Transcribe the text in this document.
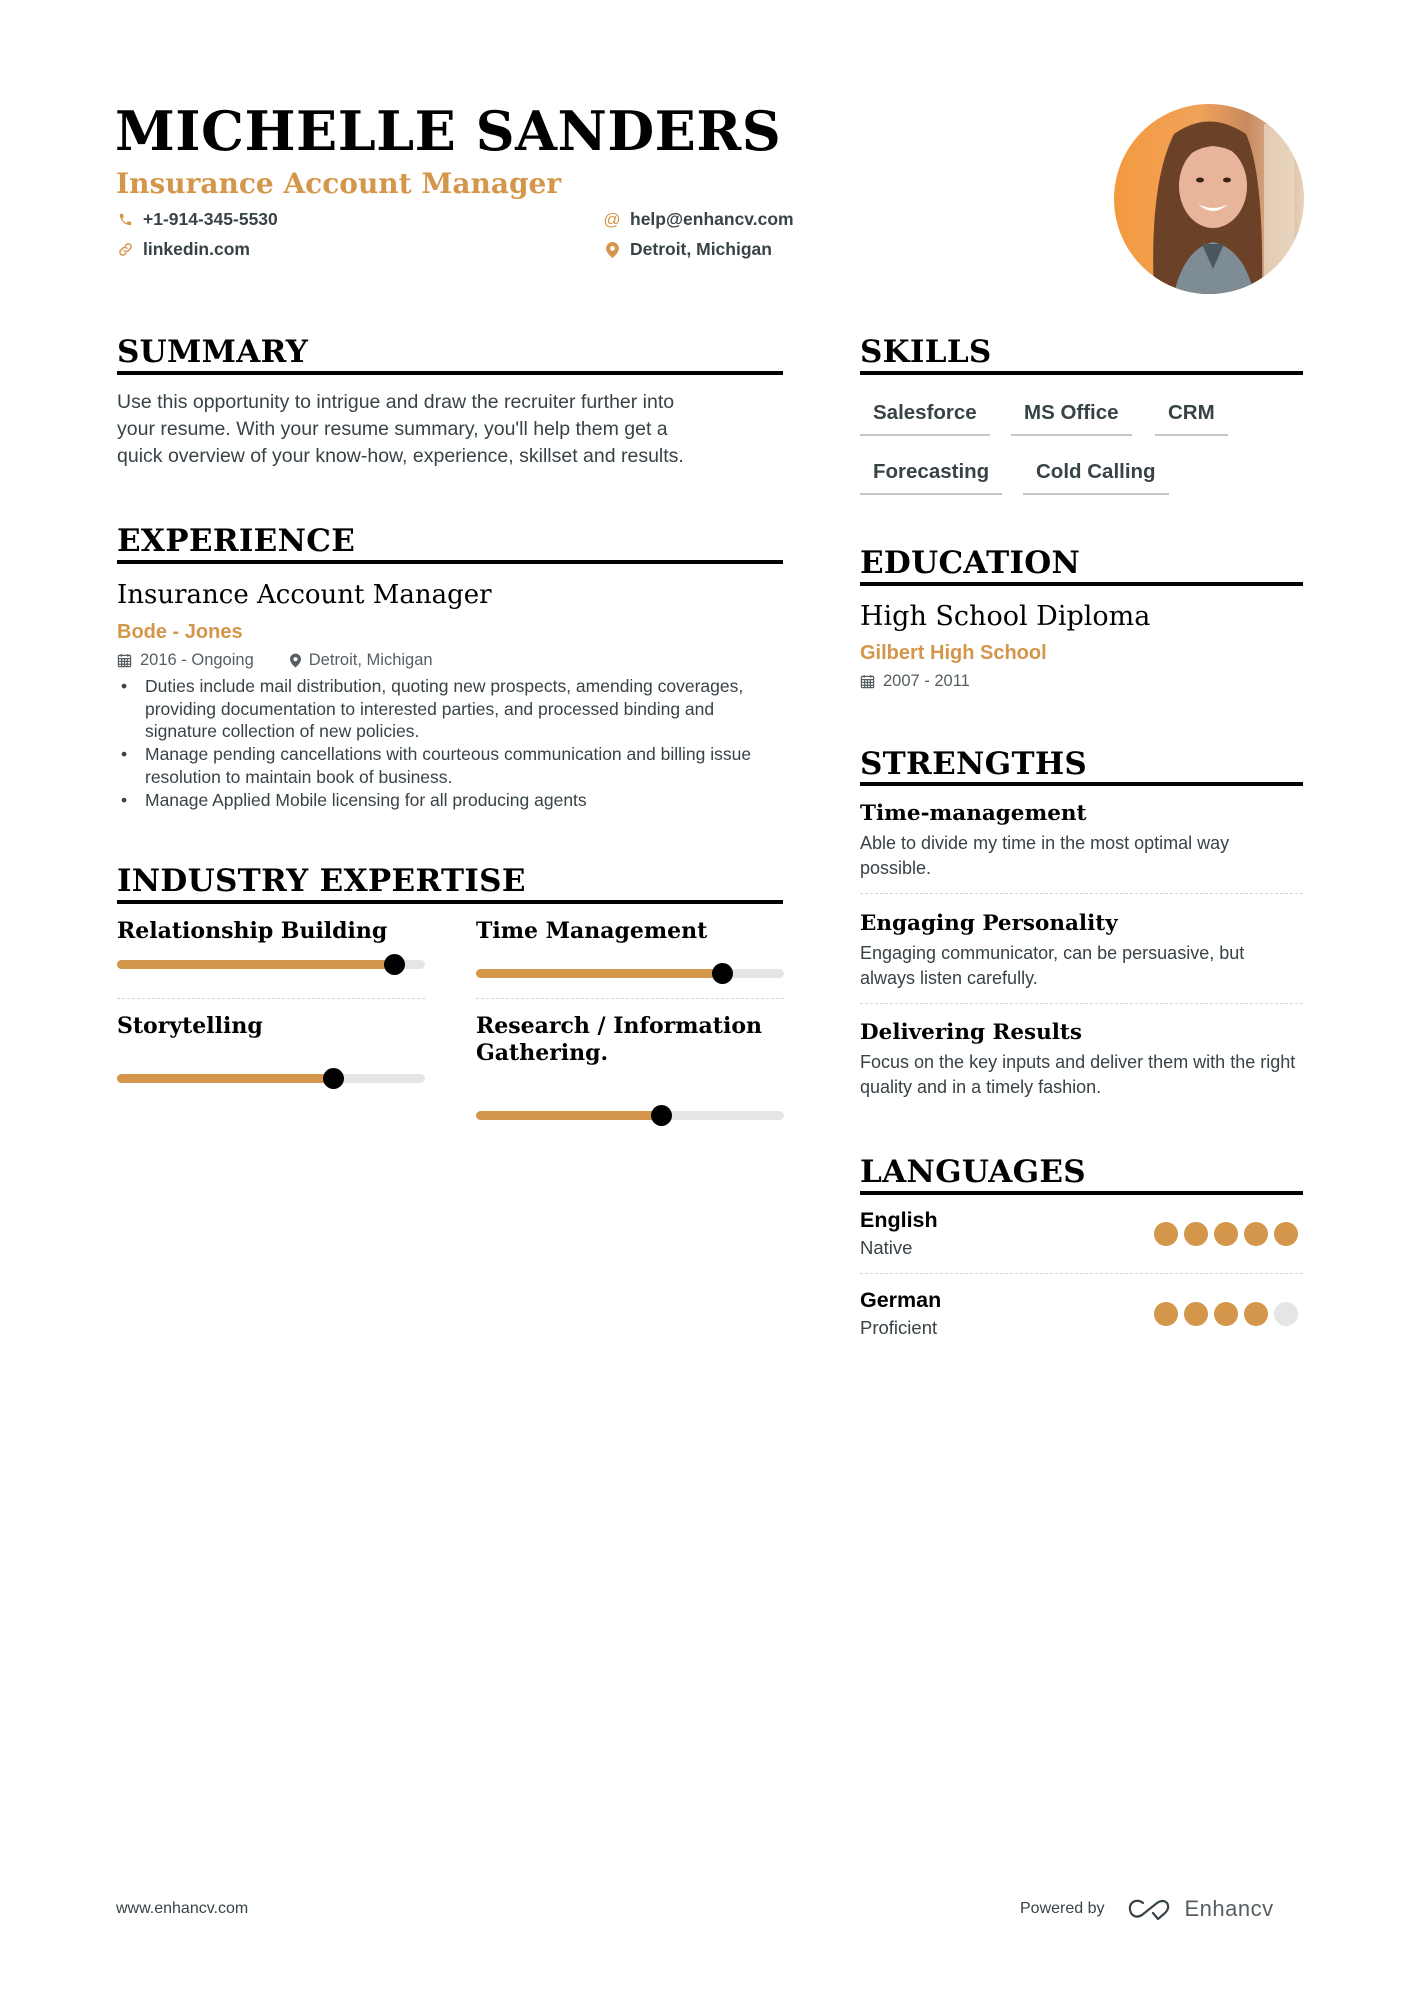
MICHELLE SANDERS
Insurance Account Manager
+1-914-345-5530
linkedin.com
@ help@enhancv.com
Detroit, Michigan
SUMMARY
Use this opportunity to intrigue and draw the recruiter further into
your resume. With your resume summary, you'll help them get a
quick overview of your know-how, experience, skillset and results.
EXPERIENCE
Insurance Account Manager
Bode - Jones
2016 - Ongoing	Detroit, Michigan
• Duties include mail distribution, quoting new prospects, amending coverages, providing documentation to interested parties, and processed binding and signature collection of new policies.
• Manage pending cancellations with courteous communication and billing issue resolution to maintain book of business.
• Manage Applied Mobile licensing for all producing agents
INDUSTRY EXPERTISE
Relationship Building	Time Management
Storytelling	Research / Information Gathering.
SKILLS
Salesforce	MS Office	CRM
Forecasting	Cold Calling
EDUCATION
High School Diploma
Gilbert High School
2007 - 2011
STRENGTHS
Time-management
Able to divide my time in the most optimal way possible.
Engaging Personality
Engaging communicator, can be persuasive, but always listen carefully.
Delivering Results
Focus on the key inputs and deliver them with the right quality and in a timely fashion.
LANGUAGES
English
Native
German
Proficient
www.enhancv.com	Powered by	Enhancv
